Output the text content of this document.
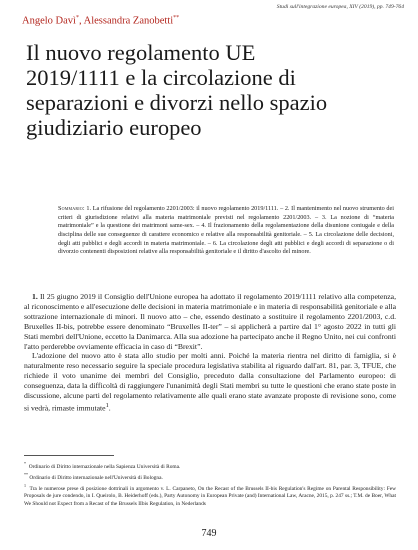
Studi sull'integrazione europea, XIV (2019), pp. 749-764
Angelo Davì*, Alessandra Zanobetti**
Il nuovo regolamento UE
2019/1111 e la circolazione di
separazioni e divorzi nello spazio
giudiziario europeo
Sommario: 1. La rifusione del regolamento 2201/2003: il nuovo regolamento 2019/1111. – 2. Il mantenimento nel nuovo strumento dei criteri di giurisdizione relativi alla materia matrimoniale previsti nel regolamento 2201/2003. – 3. La nozione di “materia matrimoniale” e la questione dei matrimoni same-sex. – 4. Il frazionamento della regolamentazione della disunione coniugale e della disciplina delle sue conseguenze di carattere economico e relative alla responsabilità genitoriale. – 5. La circolazione delle decisioni, degli atti pubblici e degli accordi in materia matrimoniale. – 6. La circolazione degli atti pubblici e degli accordi di separazione o di divorzio contenenti disposizioni relative alla responsabilità genitoriale e il diritto d'ascolto del minore.

1. Il 25 giugno 2019 il Consiglio dell'Unione europea ha adottato il regolamento 2019/1111 relativo alla competenza, al riconoscimento e all'esecuzione delle decisioni in materia matrimoniale e in materia di responsabilità genitoriale e alla sottrazione internazionale di minori. Il nuovo atto – che, essendo destinato a sostituire il regolamento 2201/2003, c.d. Bruxelles II-bis, potrebbe essere denominato “Bruxelles II-ter” – si applicherà a partire dal 1° agosto 2022 in tutti gli Stati membri dell'Unione, eccetto la Danimarca. Alla sua adozione ha partecipato anche il Regno Unito, nei cui confronti l'atto perderebbe ovviamente efficacia in caso di “Brexit”.

L'adozione del nuovo atto è stata allo studio per molti anni. Poiché la materia rientra nel diritto di famiglia, si è naturalmente reso necessario seguire la speciale procedura legislativa stabilita al riguardo dall'art. 81, par. 3, TFUE, che richiede il voto unanime dei membri del Consiglio, preceduto dalla consultazione del Parlamento europeo: di conseguenza, data la difficoltà di raggiungere l'unanimità degli Stati membri su tutte le questioni che erano state poste in discussione, alcune parti del regolamento relativamente alle quali erano state avanzate proposte di revisione sono, come si vedrà, rimaste immutate$^1$.

*  Ordinario di Diritto internazionale nella Sapienza Università di Roma.

** Ordinario di Diritto internazionale nell'Università di Bologna.

$^1$  Tra le numerose prese di posizione dottrinali in argomento v. L. Carpaneto, On the Recast of the Brussels II-bis Regulation's Regime on Parental Responsibility: Few Proposals de jure condendo, in I. Queirolo, B. Heiderhoff (eds.), Party Autonomy in European Private (and) International Law, Aracne, 2015, p. 247 ss.; T.M. de Boer, What We Should not Expect from a Recast of the Brussels IIbis Regulation, in Nederlands

749
